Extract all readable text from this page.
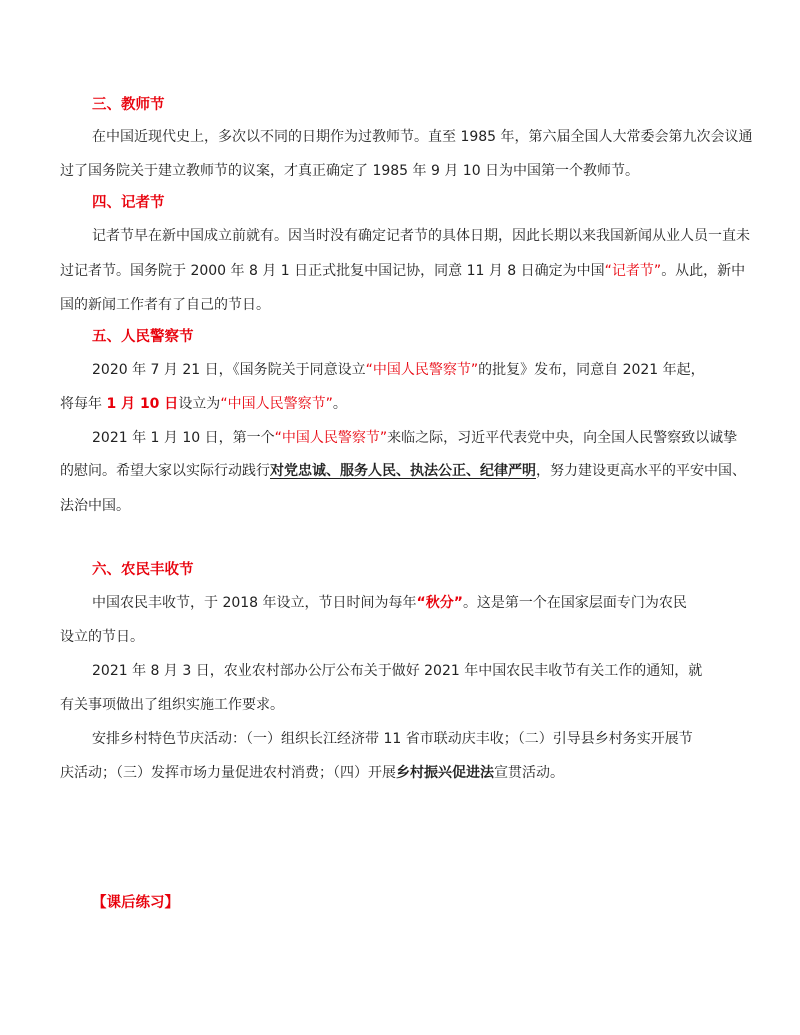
三、教师节
在中国近现代史上，多次以不同的日期作为过教师节。直至 1985 年，第六届全国人大常委会第九次会议通
过了国务院关于建立教师节的议案，才真正确定了 1985 年 9 月 10 日为中国第一个教师节。
四、记者节
记者节早在新中国成立前就有。因当时没有确定记者节的具体日期，因此长期以来我国新闻从业人员一直未
过记者节。国务院于 2000 年 8 月 1 日正式批复中国记协，同意 11 月 8 日确定为中国“记者节”。从此，新中
国的新闻工作者有了自己的节日。
五、人民警察节
2020 年 7 月 21 日，《国务院关于同意设立“中国人民警察节”的批复》发布，同意自 2021 年起，
将每年 1 月 10 日设立为“中国人民警察节”。
2021 年 1 月 10 日，第一个“中国人民警察节”来临之际，习近平代表党中央，向全国人民警察致以诚挚
的慰问。希望大家以实际行动践行对党忠诚、服务人民、执法公正、纪律严明，努力建设更高水平的平安中国、
法治中国。
六、农民丰收节
中国农民丰收节，于 2018 年设立，节日时间为每年“秋分”。这是第一个在国家层面专门为农民
设立的节日。
2021 年 8 月 3 日，农业农村部办公厅公布关于做好 2021 年中国农民丰收节有关工作的通知，就
有关事项做出了组织实施工作要求。
安排乡村特色节庆活动：（一）组织长江经济带 11 省市联动庆丰收；（二）引导县乡村务实开展节
庆活动；（三）发挥市场力量促进农村消费；（四）开展乡村振兴促进法宣贯活动。
【课后练习】
